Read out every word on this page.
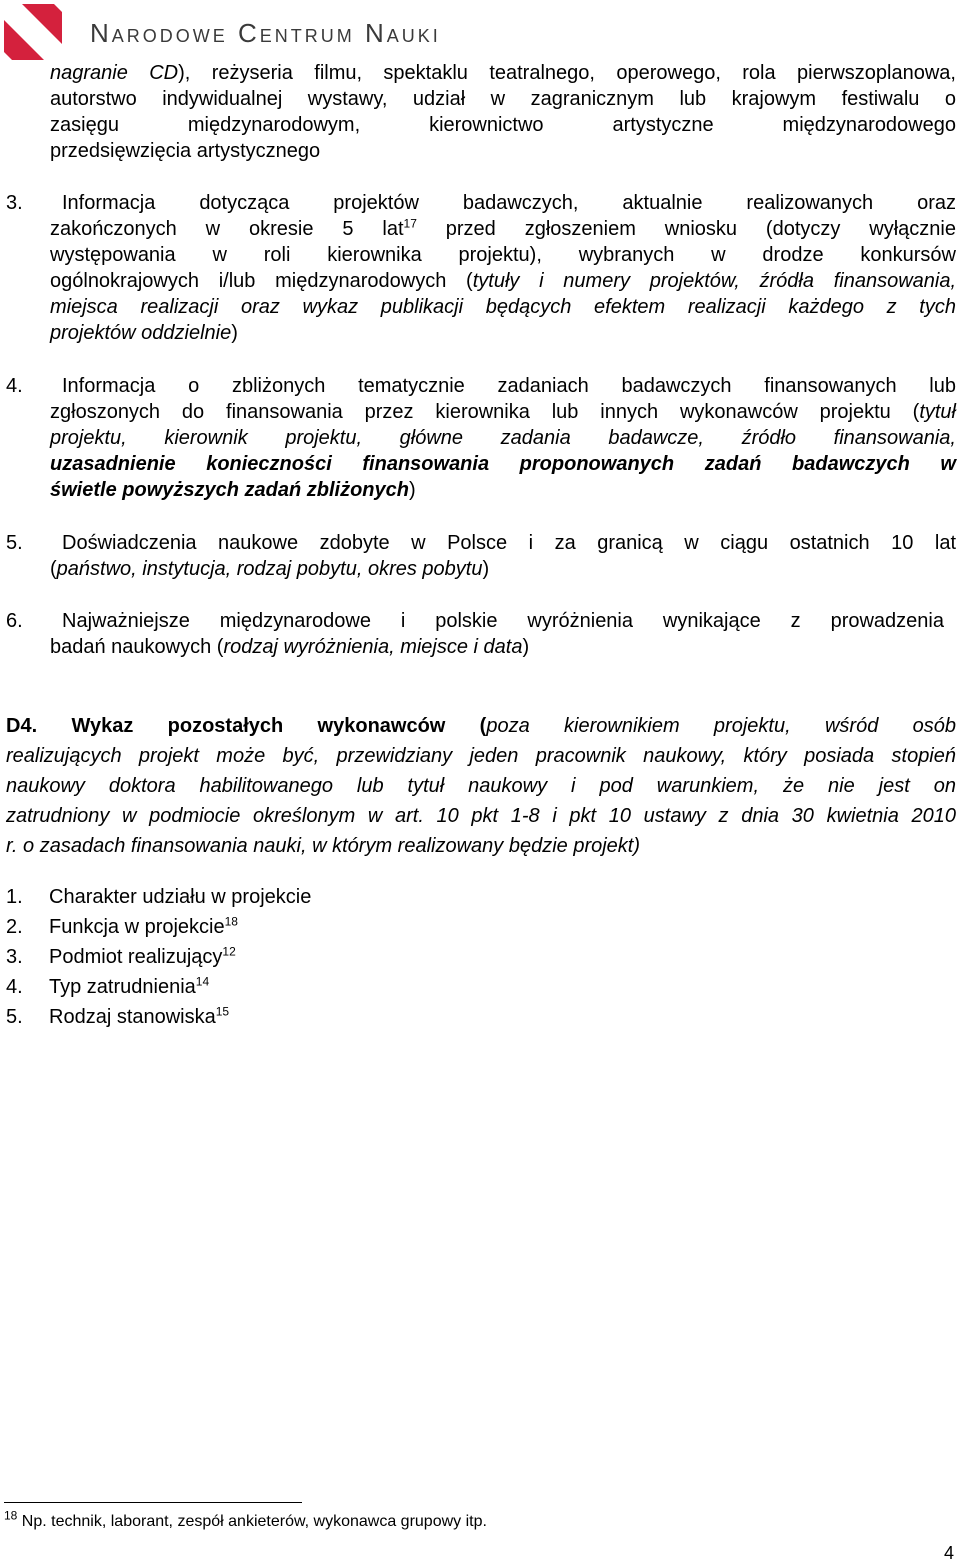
Narodowe Centrum Nauki
nagranie CD), reżyseria filmu, spektaklu teatralnego, operowego, rola pierwszoplanowa,
autorstwo indywidualnej wystawy, udział w zagranicznym lub krajowym festiwalu o
zasięgu międzynarodowym, kierownictwo artystyczne międzynarodowego
przedsięwzięcia artystycznego
3. Informacja dotycząca projektów badawczych, aktualnie realizowanych oraz
zakończonych w okresie 5 lat$^{17}$ przed zgłoszeniem wniosku (dotyczy wyłącznie
występowania w roli kierownika projektu), wybranych w drodze konkursów
ogólnokrajowych i/lub międzynarodowych (tytuły i numery projektów, źródła finansowania,
miejsca realizacji oraz wykaz publikacji będących efektem realizacji każdego z tych
projektów oddzielnie)
4. Informacja o zbliżonych tematycznie zadaniach badawczych finansowanych lub
zgłoszonych do finansowania przez kierownika lub innych wykonawców projektu (tytuł
projektu, kierownik projektu, główne zadania badawcze, źródło finansowania,
uzasadnienie konieczności finansowania proponowanych zadań badawczych w
świetle powyższych zadań zbliżonych)
5. Doświadczenia naukowe zdobyte w Polsce i za granicą w ciągu ostatnich 10 lat
(państwo, instytucja, rodzaj pobytu, okres pobytu)
6. Najważniejsze międzynarodowe i polskie wyróżnienia wynikające z prowadzenia
badań naukowych (rodzaj wyróżnienia, miejsce i data)
D4. Wykaz pozostałych wykonawców (poza kierownikiem projektu, wśród osób
realizujących projekt może być, przewidziany jeden pracownik naukowy, który posiada stopień
naukowy doktora habilitowanego lub tytuł naukowy i pod warunkiem, że nie jest on
zatrudniony w podmiocie określonym w art. 10 pkt 1-8 i pkt 10 ustawy z dnia 30 kwietnia 2010
r. o zasadach finansowania nauki, w którym realizowany będzie projekt)
1. Charakter udziału w projekcie
2. Funkcja w projekcie$^{18}$
3. Podmiot realizujący$^{12}$
4. Typ zatrudnienia$^{14}$
5. Rodzaj stanowiska$^{15}$
$^{18}$ Np. technik, laborant, zespół ankieterów, wykonawca grupowy itp.
4
